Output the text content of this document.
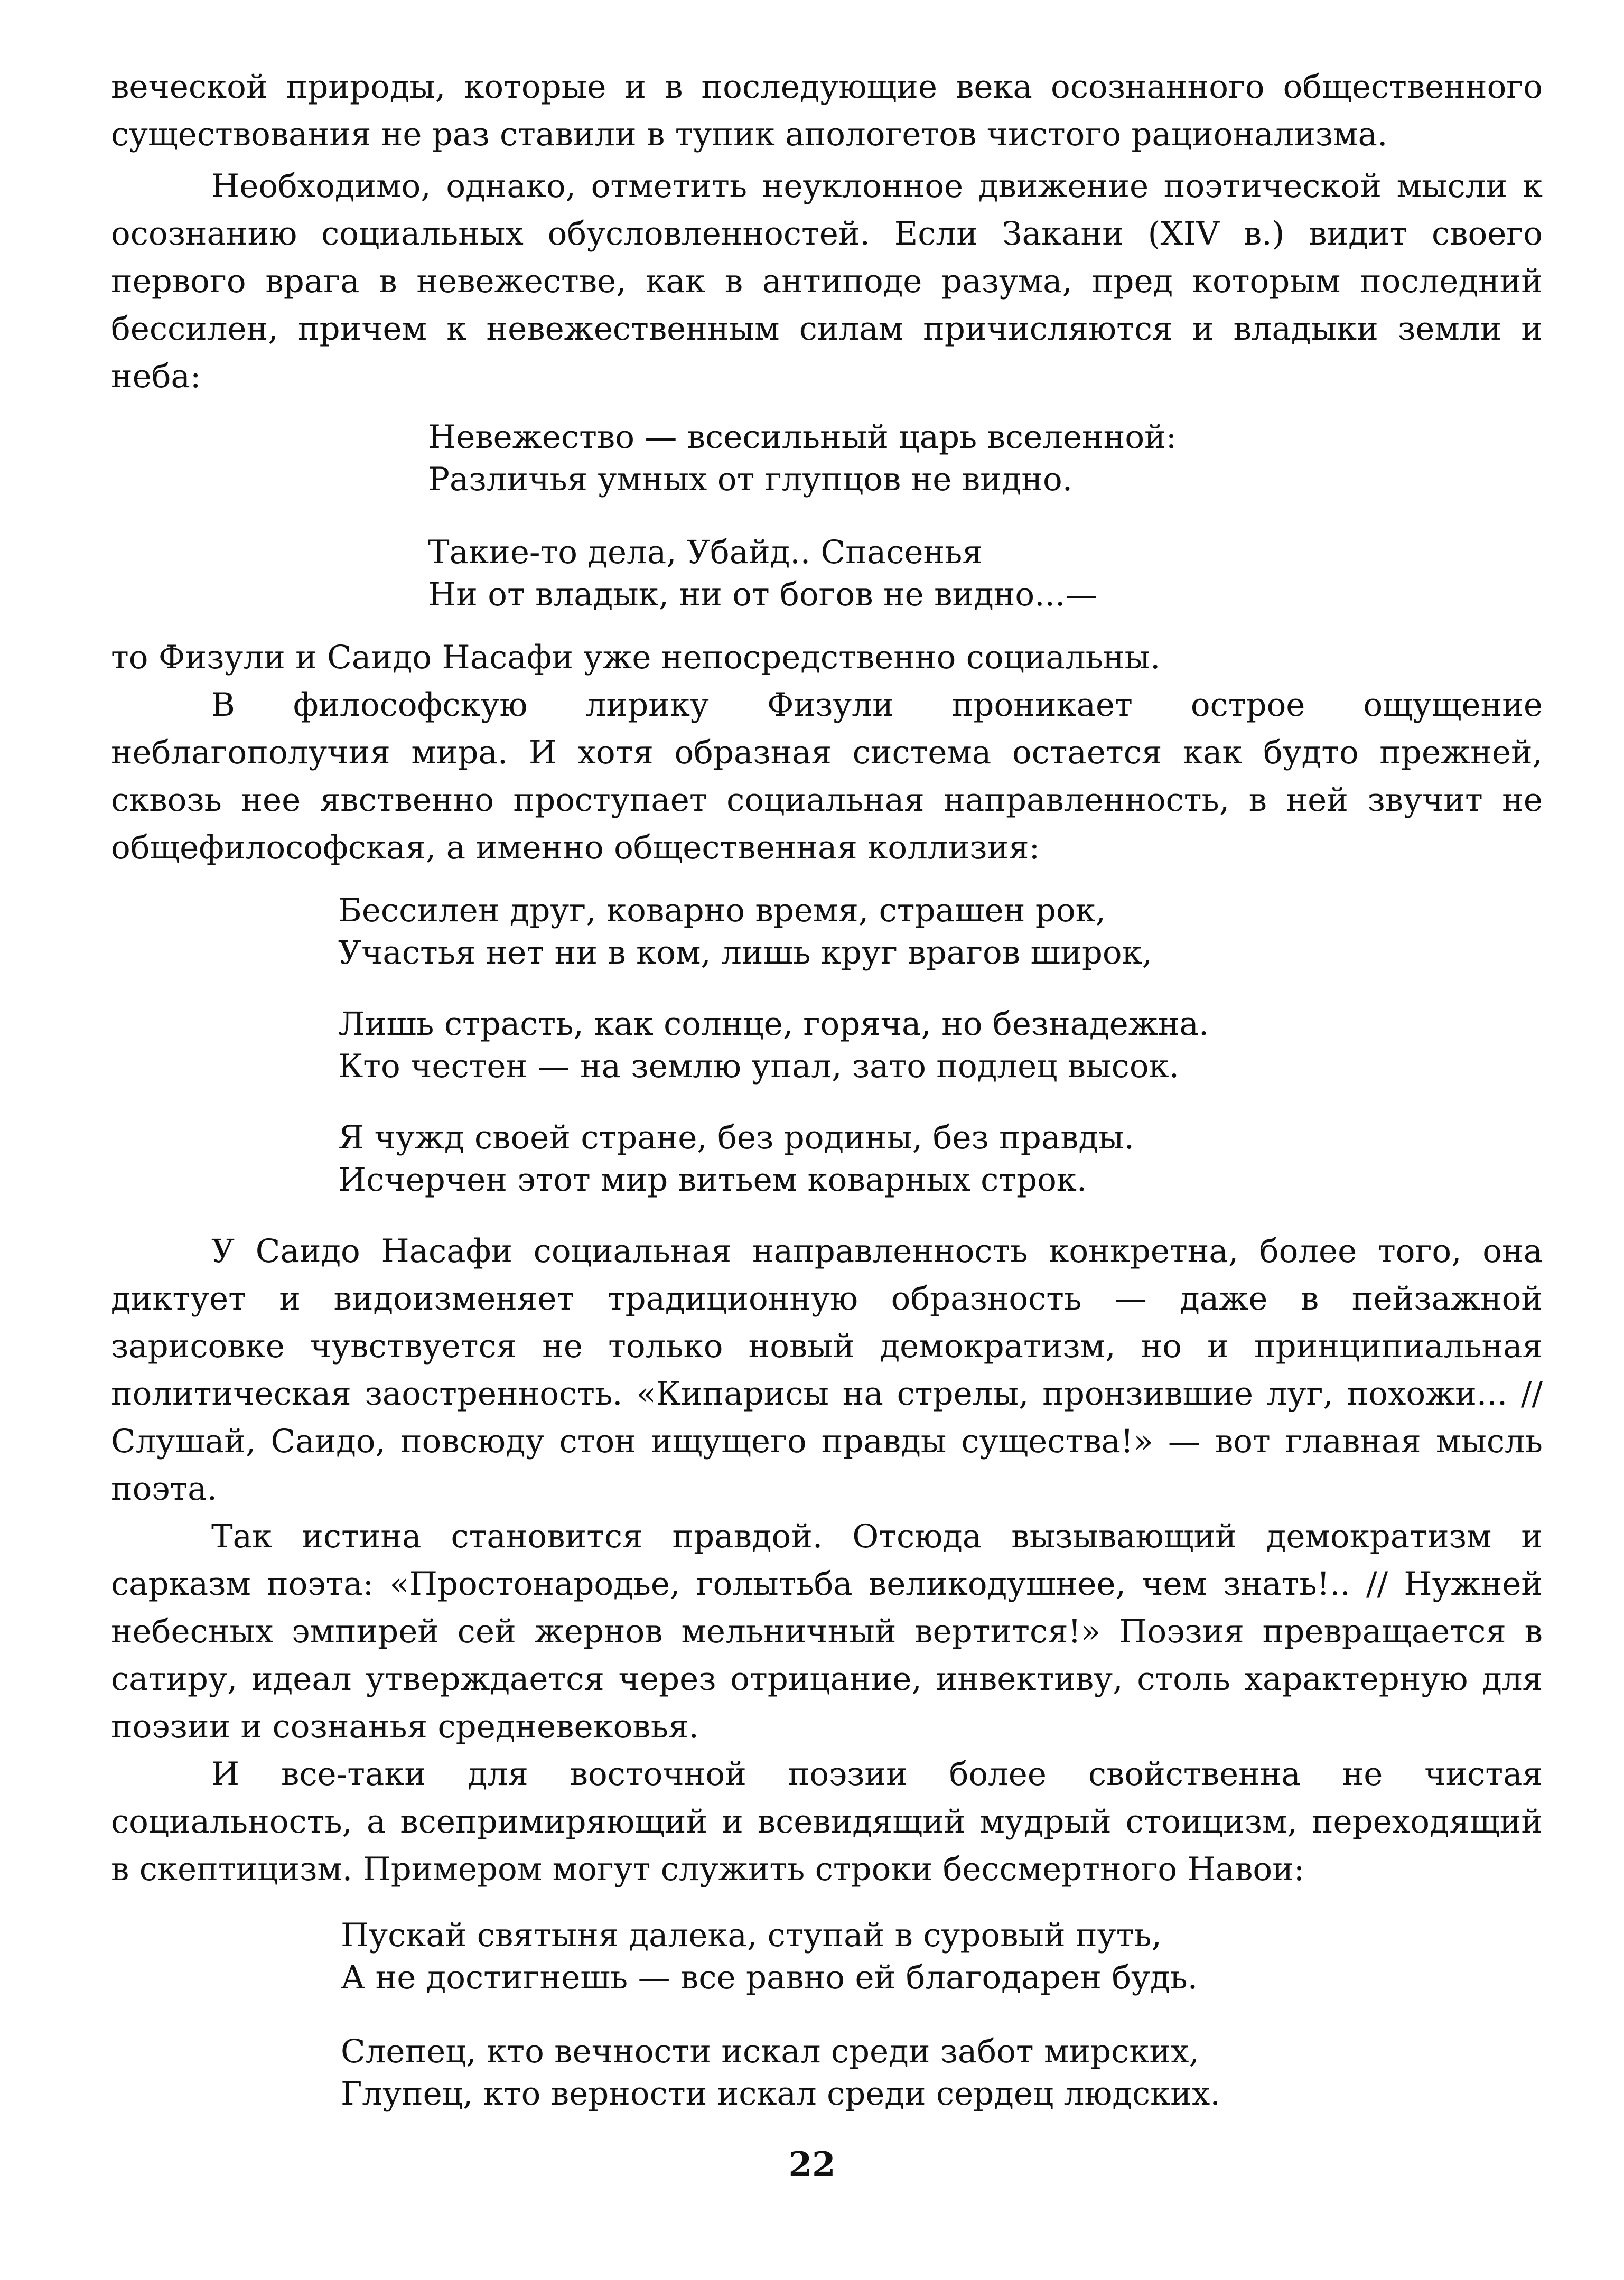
веческой природы, которые и в последующие века осознанного общественного существования не раз ставили в тупик апологетов чистого рационализма.

Необходимо, однако, отметить неуклонное движение поэтической мысли к осознанию социальных обусловленностей. Если Закани (XIV в.) видит своего первого врага в невежестве, как в антиподе разума, пред которым последний бессилен, причем к невежественным силам причисляются и владыки земли и неба:

Невежество — всесильный царь вселенной:
Различья умных от глупцов не видно.
Такие-то дела, Убайд.. Спасенья
Ни от владык, ни от богов не видно...—

то Физули и Саидо Насафи уже непосредственно социальны.

В философскую лирику Физули проникает острое ощущение неблагополучия мира. И хотя образная система остается как будто прежней, сквозь нее явственно проступает социальная направленность, в ней звучит не общефилософская, а именно общественная коллизия:

Бессилен друг, коварно время, страшен рок,
Участья нет ни в ком, лишь круг врагов широк,
Лишь страсть, как солнце, горяча, но безнадежна.
Кто честен — на землю упал, зато подлец высок.
Я чужд своей стране, без родины, без правды.
Исчерчен этот мир витьем коварных строк.

У Саидо Насафи социальная направленность конкретна, более того, она диктует и видоизменяет традиционную образность — даже в пейзажной зарисовке чувствуется не только новый демократизм, но и принципиальная политическая заостренность. «Кипарисы на стрелы, пронзившие луг, похожи... // Слушай, Саидо, повсюду стон ищущего правды существа!» — вот главная мысль поэта.

Так истина становится правдой. Отсюда вызывающий демократизм и сарказм поэта: «Простонародье, голытьба великодушнее, чем знать!.. // Нужней небесных эмпирей сей жернов мельничный вертится!» Поэзия превращается в сатиру, идеал утверждается через отрицание, инвективу, столь характерную для поэзии и сознанья средневековья.

И все-таки для восточной поэзии более свойственна не чистая социальность, а всепримиряющий и всевидящий мудрый стоицизм, переходящий в скептицизм. Примером могут служить строки бессмертного Навои:

Пускай святыня далека, ступай в суровый путь,
А не достигнешь — все равно ей благодарен будь.
Слепец, кто вечности искал среди забот мирских,
Глупец, кто верности искал среди сердец людских.
22
